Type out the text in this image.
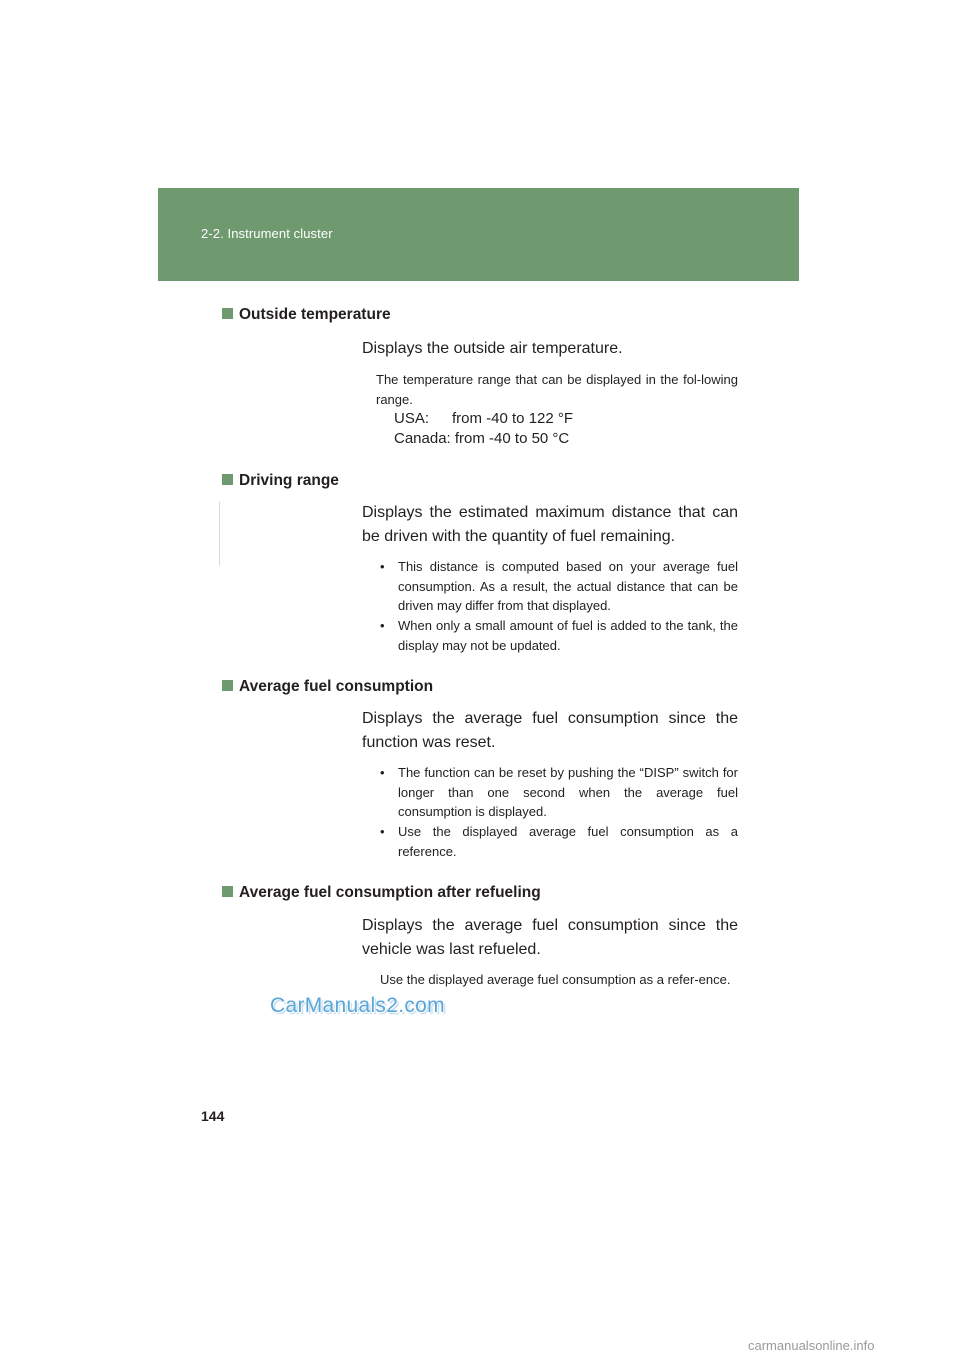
2-2. Instrument cluster
Outside temperature
Displays the outside air temperature.
The temperature range that can be displayed in the fol-lowing range.
USA: from -40 to 122 °F
Canada: from -40 to 50 °C
Driving range
Displays the estimated maximum distance that can be driven with the quantity of fuel remaining.
•	This distance is computed based on your average fuel consumption. As a result, the actual distance that can be driven may differ from that displayed.
•	When only a small amount of fuel is added to the tank, the display may not be updated.
Average fuel consumption
Displays the average fuel consumption since the function was reset.
•	The function can be reset by pushing the “DISP” switch for longer than one second when the average fuel consumption is displayed.
•	Use the displayed average fuel consumption as a reference.
Average fuel consumption after refueling
Displays the average fuel consumption since the vehicle was last refueled.
Use the displayed average fuel consumption as a refer-ence.
CarManuals2.com
144
carmanualsonline.info
